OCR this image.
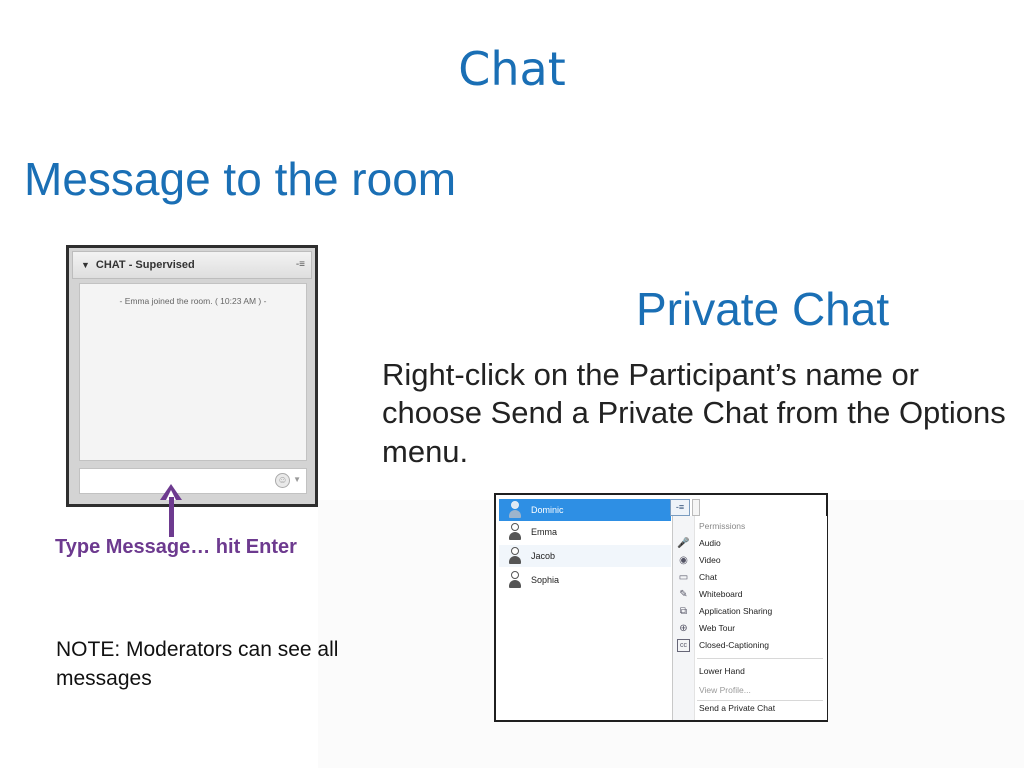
Chat
Message to the room
Private Chat
Right-click on the Participant’s name or choose Send a Private Chat from the Options menu.
NOTE: Moderators can see all messages
▼ CHAT - Supervised	-≡
- Emma joined the room. ( 10:23 AM ) -
☺ ▼
Type Message… hit Enter
Dominic
Emma
Jacob
Sophia
-≡
Permissions
🎤 Audio
◉ Video
▭ Chat
✎ Whiteboard
⧉	Application Sharing
⊕ Web Tour
cc	Closed-Captioning
Lower Hand
View Profile...
Send a Private Chat
